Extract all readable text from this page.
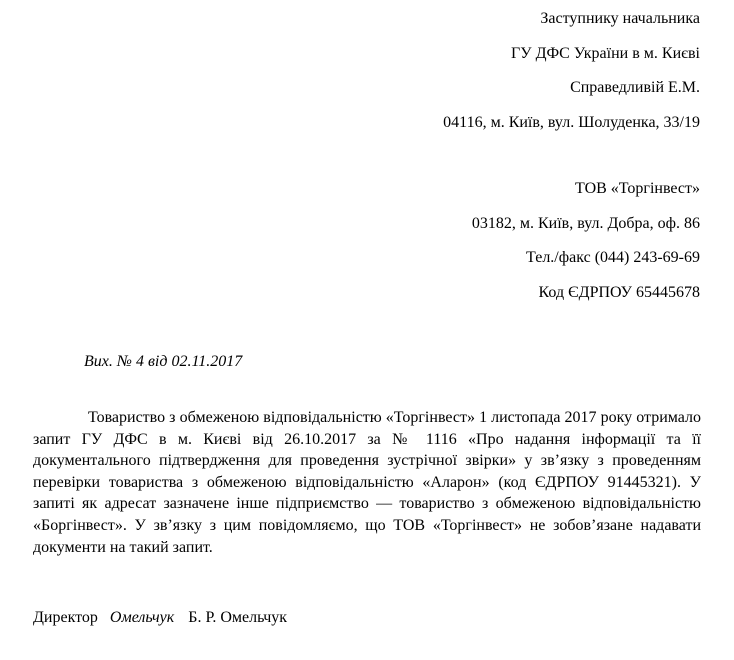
Заступнику начальника
ГУ ДФС України в м. Києві
Справедливій Е.М.
04116, м. Київ, вул. Шолуденка, 33/19
ТОВ «Торгінвест»
03182, м. Київ, вул. Добра, оф. 86
Тел./факс (044) 243-69-69
Код ЄДРПОУ 65445678
Вих. № 4 від 02.11.2017
Товариство з обмеженою відповідальністю «Торгінвест» 1 листопада 2017 року отримало запит ГУ ДФС в м. Києві від 26.10.2017 за № 1116 «Про надання інформації та її документального підтвердження для проведення зустрічної звірки» у зв’язку з проведенням перевірки товариства з обмеженою відповідальністю «Аларон» (код ЄДРПОУ 91445321). У запиті як адресат зазначене інше підприємство — товариство з обмеженою відповідальністю «Боргінвест». У зв’язку з цим повідомляємо, що ТОВ «Торгінвест» не зобов’язане надавати документи на такий запит.
Директор Омельчук Б. Р. Омельчук
